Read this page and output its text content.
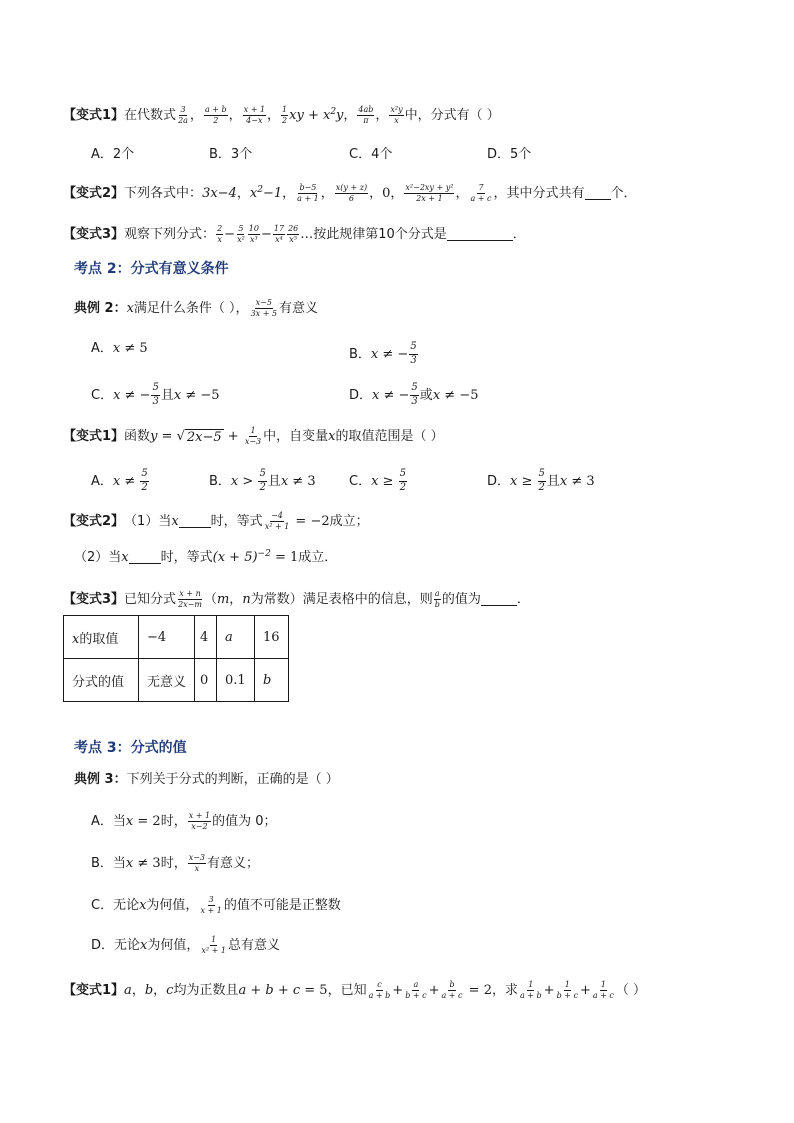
【变式1】 在代数式 $\frac{3}{2a}$ ， $\frac{a + b}{2}$ ， $\frac{x + 1}{4-x}$ ， $\frac{1}{2}$ xy + $x^2y$ ， $\frac{4ab}{\pi}$ ， $\frac{\text{x²y}}{x}$ 中，分式有（ ）
A．2个	B．3个	C．4个	D．5个
【变式2】 下列各式中： 3x−4 ， $x^2-1$ ， $\frac{b-5}{a + 1}$ ， $\frac{x(y + z)}{6}$ ， 0 ， $\frac{\text{x²−2xy + y²}}{2x + 1}$ ， $\frac{7}{a + c}$ ，其中分式共有 个．
【变式3】 观察下列分式： $\frac{2}{x} - \frac{5}{\text{x²}} \frac{10}{\text{x³}} - \frac{17}{\text{x⁴}} \frac{26}{\text{x⁵}}$ … 按此规律第10个分式是	．
考点 2：分式有意义条件
典例 2： x 满足什么条件（ ）， $\frac{x-5}{3x + 5}$ 有意义
A． x ≠ 5	B． x ≠ − $\frac{5}{3}$
C． x ≠ − $\frac{5}{3}$ 且 x ≠ −5	D． x ≠ − $\frac{5}{3}$ 或 x ≠ −5
【变式1】 函数 y = √ $2x-5 + \frac{1}{x-3}$ 中，自变量 x 的取值范围是（ ）
A． $x \ne \frac{5}{2}$	B． $x > \frac{5}{2}$ 且 x ≠ 3	C． $x \ge \frac{5}{2}$	D． $x \ge \frac{5}{2}$ 且 x ≠ 3
【变式2】 （1）当 x 时，等式 $\frac{-4}{\text{x² + 1}} = -2$ 成立；
（2）当 x 时，等式 $(x + 5)^{-2} = 1$ 成立．
【变式3】 已知分式 $\frac{x + n}{2x-m}$ （ m ， n 为常数）满足表格中的信息，则 $\frac{a}{b}$ 的值为	．
x的取值	−4	4	a	16
分式的值	无意义	0	0.1	b
考点 3：分式的值
典例 3： 下列关于分式的判断，正确的是（ ）
A．当 x = 2 时， $\frac{x + 1}{x-2}$ 的值为 0；
B．当 x ≠ 3 时， $\frac{x-3}{x}$ 有意义；
C．无论 x 为何值， $\frac{3}{x + 1}$ 的值不可能是正整数
D．无论 x 为何值， $\frac{1}{\text{x² + 1}}$ 总有意义
【变式1】 a ， b ， c 均为正数且 a + b + c = 5 ，已知 $\frac{c}{a + b} + \frac{a}{b + c} + \frac{b}{a + c} = 2$ ，求 $\frac{1}{a + b} + \frac{1}{b + c} + \frac{1}{a + c}$ （ ）
